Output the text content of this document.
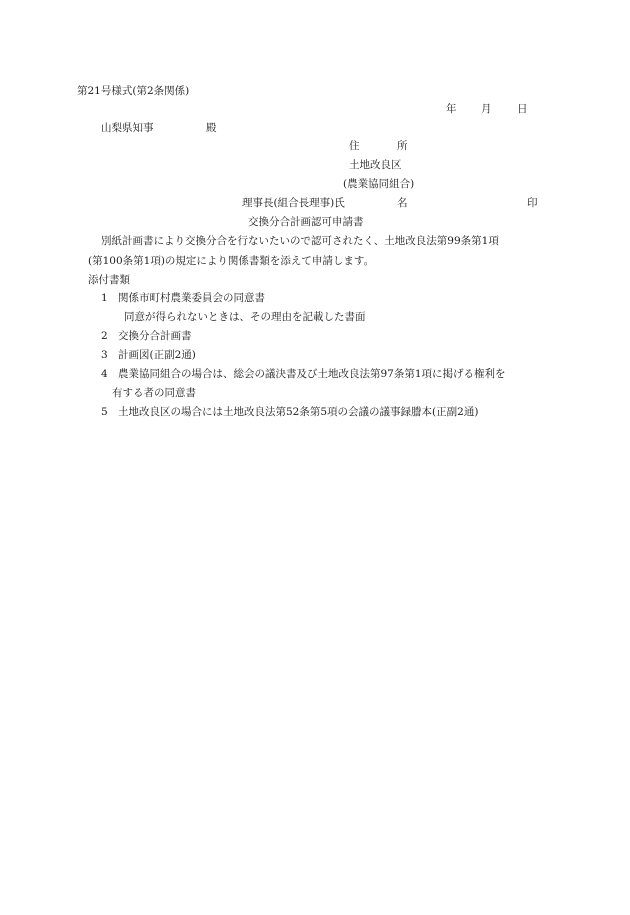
第21号様式(第2条関係)
年 月 日
山梨県知事	殿
住	所
土地改良区
(農業協同組合)
理事長(組合長理事)氏	名	印
交換分合計画認可申請書
別紙計画書により交換分合を行ないたいので認可されたく、土地改良法第99条第1項
(第100条第1項)の規定により関係書類を添えて申請します。
添付書類
1 関係市町村農業委員会の同意書
同意が得られないときは、その理由を記載した書面
2 交換分合計画書
3 計画図(正副2通)
4 農業協同組合の場合は、総会の議決書及び土地改良法第97条第1項に掲げる権利を
有する者の同意書
5 土地改良区の場合には土地改良法第52条第5項の会議の議事録謄本(正副2通)
